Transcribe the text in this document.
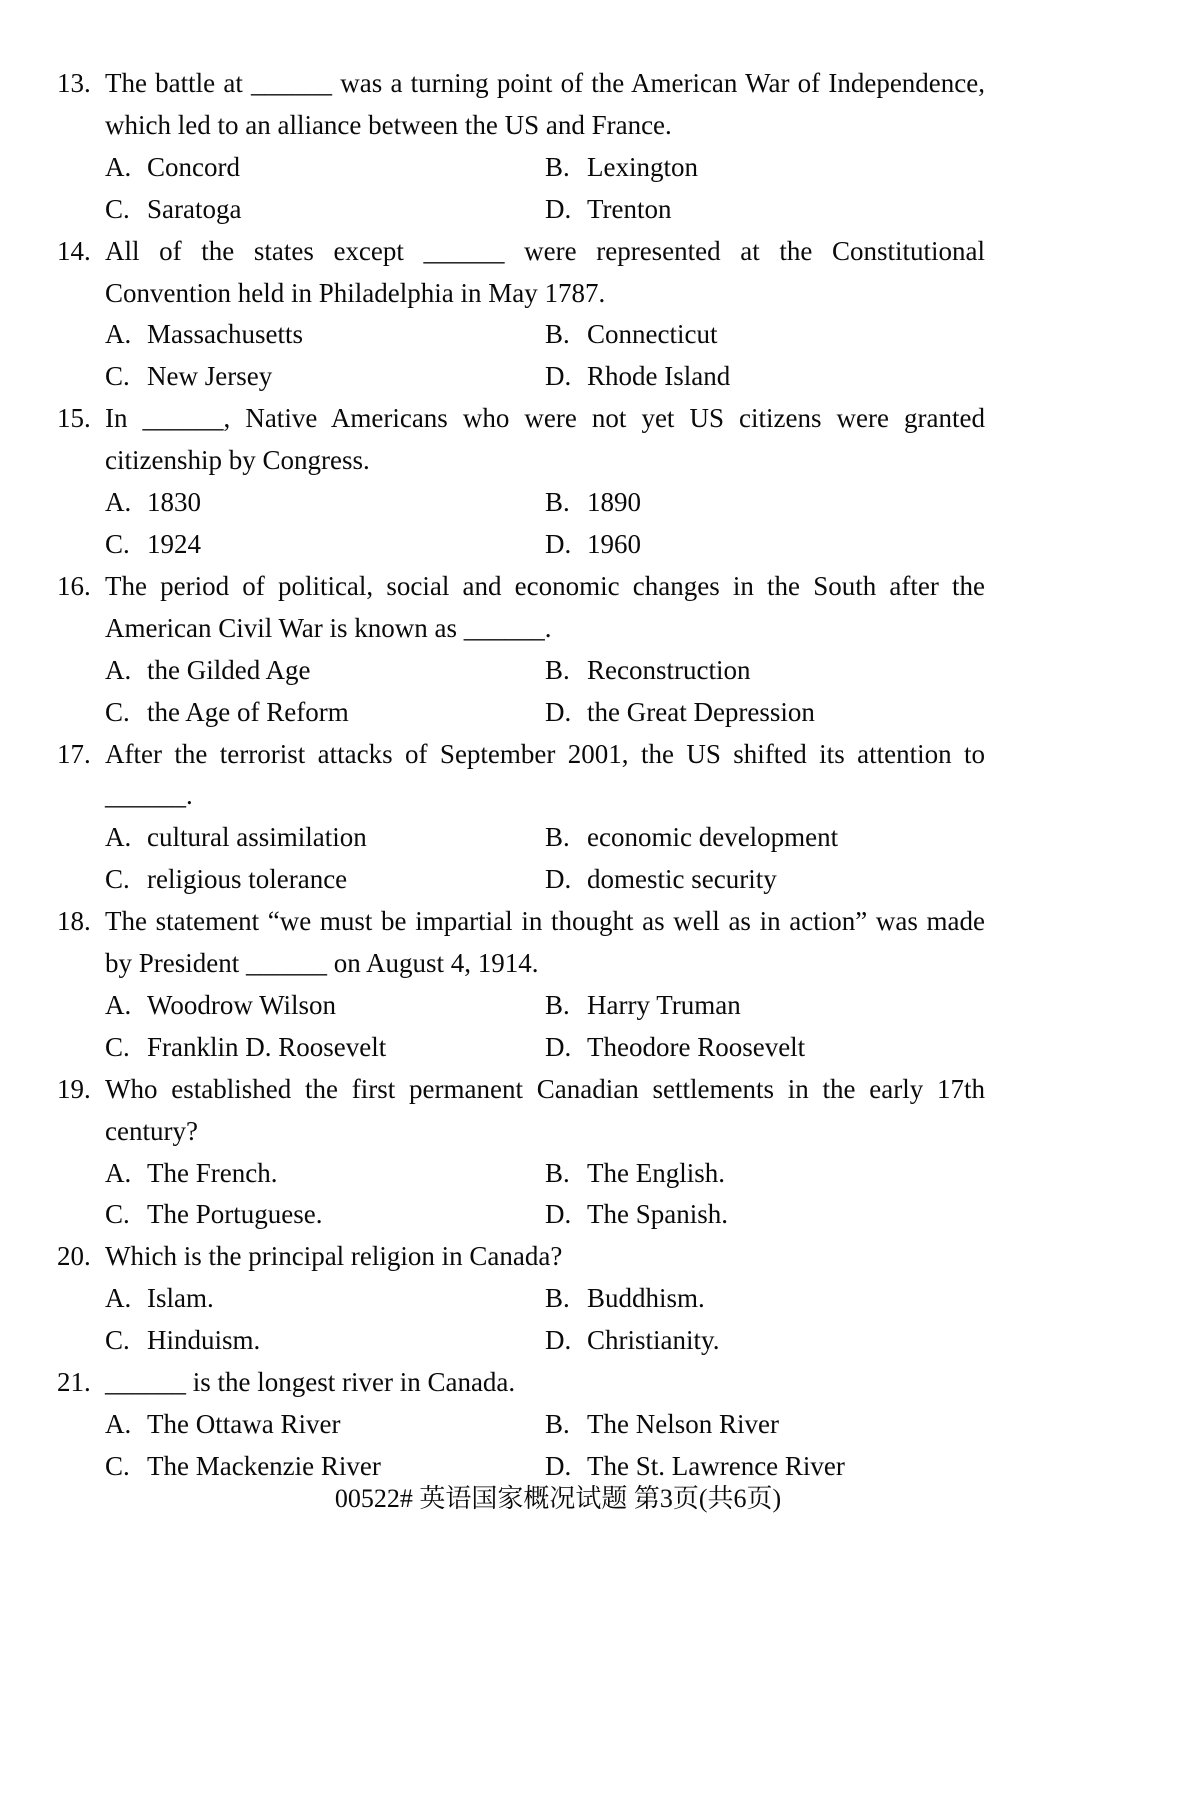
13. The battle at ______ was a turning point of the American War of Independence, which led to an alliance between the US and France.
A. Concord	B. Lexington
C. Saratoga	D. Trenton
14. All of the states except ______ were represented at the Constitutional Convention held in Philadelphia in May 1787.
A. Massachusetts	B. Connecticut
C. New Jersey	D. Rhode Island
15. In ______, Native Americans who were not yet US citizens were granted citizenship by Congress.
A. 1830	B. 1890
C. 1924	D. 1960
16. The period of political, social and economic changes in the South after the American Civil War is known as ______.
A. the Gilded Age	B. Reconstruction
C. the Age of Reform	D. the Great Depression
17. After the terrorist attacks of September 2001, the US shifted its attention to ______.
A. cultural assimilation	B. economic development
C. religious tolerance	D. domestic security
18. The statement “we must be impartial in thought as well as in action” was made by President ______ on August 4, 1914.
A. Woodrow Wilson	B. Harry Truman
C. Franklin D. Roosevelt	D. Theodore Roosevelt
19. Who established the first permanent Canadian settlements in the early 17th century?
A. The French.	B. The English.
C. The Portuguese.	D. The Spanish.
20. Which is the principal religion in Canada?
A. Islam.	B. Buddhism.
C. Hinduism.	D. Christianity.
21. ______ is the longest river in Canada.
A. The Ottawa River	B. The Nelson River
C. The Mackenzie River	D. The St. Lawrence River
00522# 英语国家概况试题 第3页(共6页)
